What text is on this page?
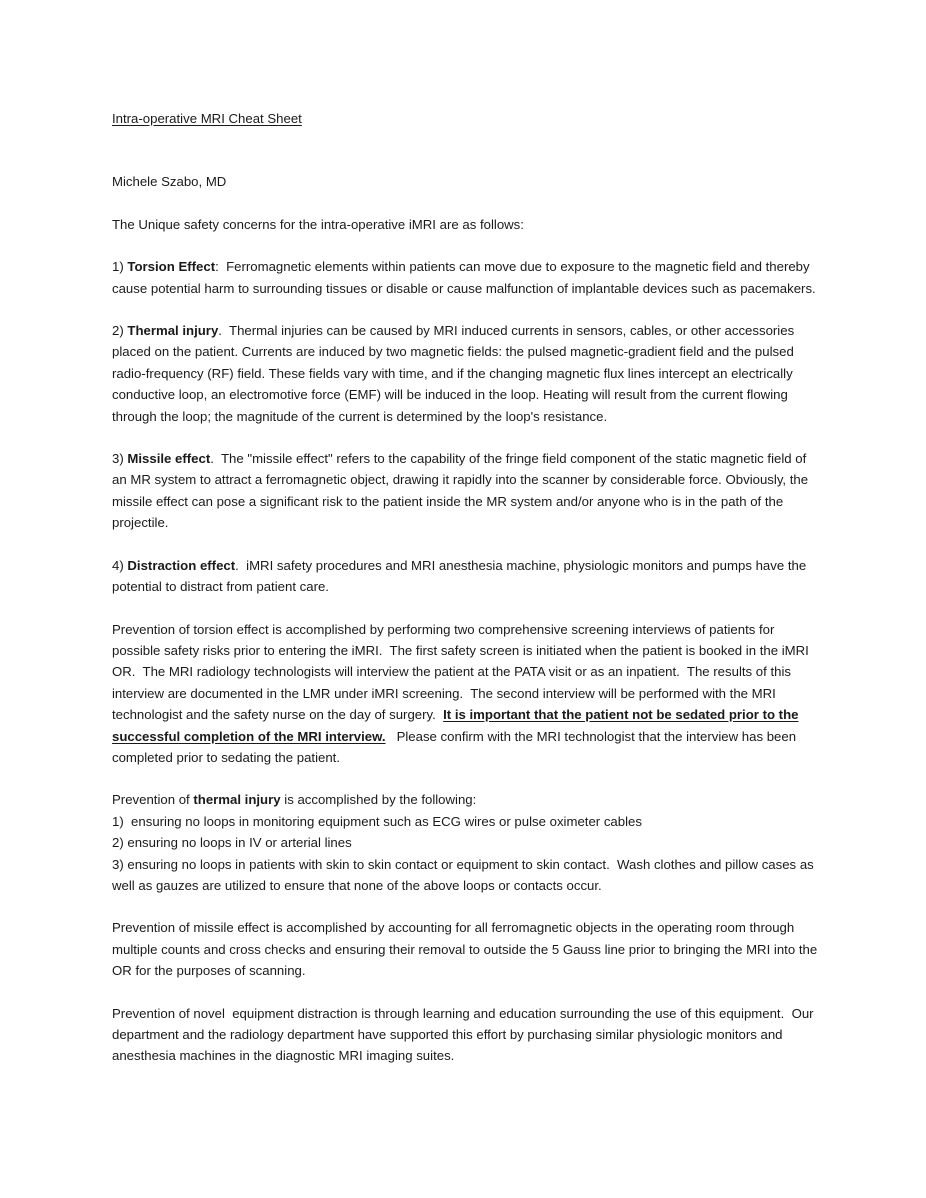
Intra-operative MRI Cheat Sheet
Michele Szabo, MD
The Unique safety concerns for the intra-operative iMRI are as follows:
1) Torsion Effect:  Ferromagnetic elements within patients can move due to exposure to the magnetic field and thereby cause potential harm to surrounding tissues or disable or cause malfunction of implantable devices such as pacemakers.
2) Thermal injury.  Thermal injuries can be caused by MRI induced currents in sensors, cables, or other accessories placed on the patient. Currents are induced by two magnetic fields: the pulsed magnetic-gradient field and the pulsed radio-frequency (RF) field. These fields vary with time, and if the changing magnetic flux lines intercept an electrically conductive loop, an electromotive force (EMF) will be induced in the loop. Heating will result from the current flowing through the loop; the magnitude of the current is determined by the loop's resistance.
3) Missile effect.  The "missile effect" refers to the capability of the fringe field component of the static magnetic field of an MR system to attract a ferromagnetic object, drawing it rapidly into the scanner by considerable force. Obviously, the missile effect can pose a significant risk to the patient inside the MR system and/or anyone who is in the path of the projectile.
4) Distraction effect.  iMRI safety procedures and MRI anesthesia machine, physiologic monitors and pumps have the potential to distract from patient care.
Prevention of torsion effect is accomplished by performing two comprehensive screening interviews of patients for possible safety risks prior to entering the iMRI.  The first safety screen is initiated when the patient is booked in the iMRI OR.  The MRI radiology technologists will interview the patient at the PATA visit or as an inpatient.  The results of this interview are documented in the LMR under iMRI screening.  The second interview will be performed with the MRI technologist and the safety nurse on the day of surgery.  It is important that the patient not be sedated prior to the successful completion of the MRI interview.   Please confirm with the MRI technologist that the interview has been completed prior to sedating the patient.
Prevention of thermal injury is accomplished by the following:
1)  ensuring no loops in monitoring equipment such as ECG wires or pulse oximeter cables
2) ensuring no loops in IV or arterial lines
3) ensuring no loops in patients with skin to skin contact or equipment to skin contact.  Wash clothes and pillow cases as well as gauzes are utilized to ensure that none of the above loops or contacts occur.
Prevention of missile effect is accomplished by accounting for all ferromagnetic objects in the operating room through multiple counts and cross checks and ensuring their removal to outside the 5 Gauss line prior to bringing the MRI into the OR for the purposes of scanning.
Prevention of novel  equipment distraction is through learning and education surrounding the use of this equipment.  Our department and the radiology department have supported this effort by purchasing similar physiologic monitors and anesthesia machines in the diagnostic MRI imaging suites.
